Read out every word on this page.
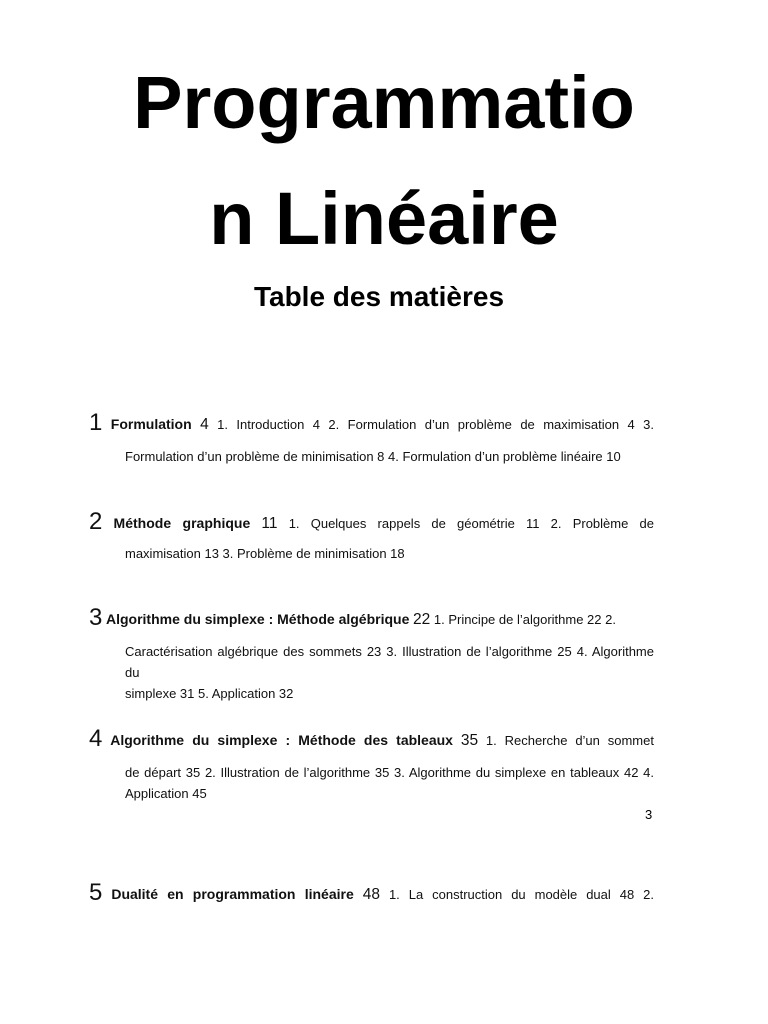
Programmatio
n Linéaire
Table des matières
1 Formulation 4 1. Introduction 4 2. Formulation d’un problème de maximisation 4 3.
Formulation d’un problème de minimisation 8 4. Formulation d’un problème linéaire 10
2 Méthode graphique 11 1. Quelques rappels de géométrie 11 2. Problème de
maximisation 13 3. Problème de minimisation 18
3 Algorithme du simplexe : Méthode algébrique 22 1. Principe de l’algorithme 22 2.
Caractérisation algébrique des sommets 23 3. Illustration de l’algorithme 25 4. Algorithme du
simplexe 31 5. Application 32
4 Algorithme du simplexe : Méthode des tableaux 35 1. Recherche d’un sommet
de départ 35 2. Illustration de l’algorithme 35 3. Algorithme du simplexe en tableaux 42 4.
Application 45
3
5 Dualité en programmation linéaire 48 1. La construction du modèle dual 48 2.
